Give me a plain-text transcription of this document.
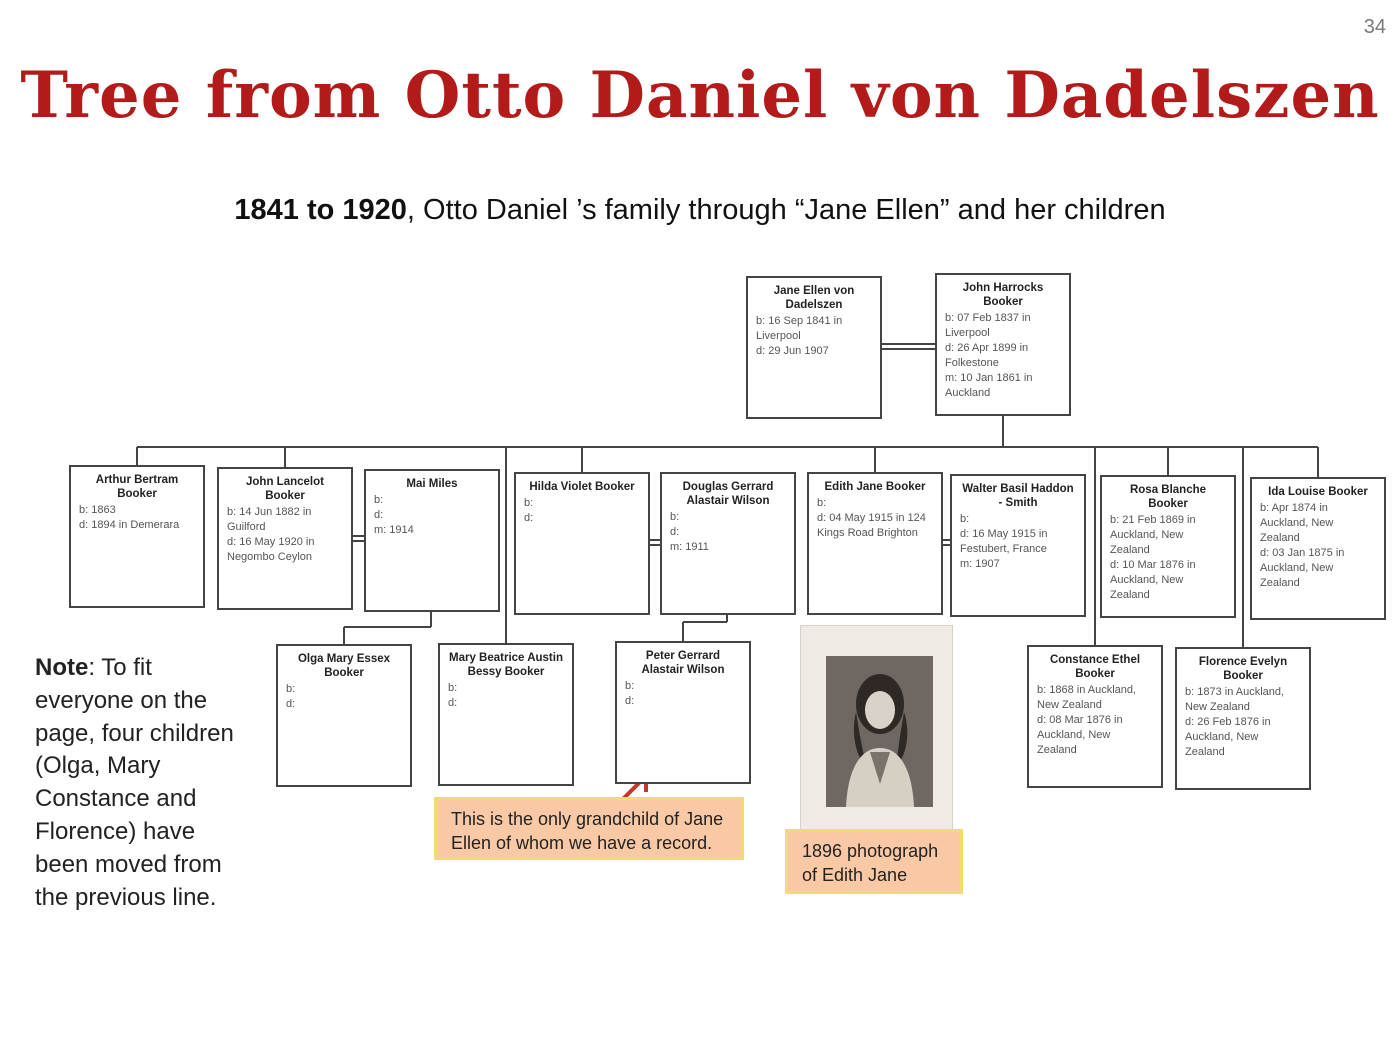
34
Tree from Otto Daniel von Dadelszen
1841 to 1920, Otto Daniel ’s family through “Jane Ellen” and her children
Jane Ellen von Dadelszen
b: 16 Sep 1841 in Liverpool
d: 29 Jun 1907
John Harrocks Booker
b: 07 Feb 1837 in Liverpool
d: 26 Apr 1899 in Folkestone
m: 10 Jan 1861 in Auckland
Arthur Bertram Booker
b: 1863
d: 1894 in Demerara
John Lancelot Booker
b: 14 Jun 1882 in Guilford
d: 16 May 1920 in Negombo Ceylon
Mai Miles
b:
d:
m: 1914
Hilda Violet Booker
b:
d:
Douglas Gerrard Alastair Wilson
b:
d:
m: 1911
Edith Jane Booker
b:
d: 04 May 1915 in 124 Kings Road Brighton
Walter Basil Haddon - Smith
b:
d: 16 May 1915 in Festubert, France
m: 1907
Rosa Blanche Booker
b: 21 Feb 1869 in Auckland, New Zealand
d: 10 Mar 1876 in Auckland, New Zealand
Ida Louise Booker
b: Apr 1874 in Auckland, New Zealand
d: 03 Jan 1875 in Auckland, New Zealand
Olga Mary Essex Booker
b:
d:
Mary Beatrice Austin Bessy Booker
b:
d:
Peter Gerrard Alastair Wilson
b:
d:
Constance Ethel Booker
b: 1868 in Auckland, New Zealand
d: 08 Mar 1876 in Auckland, New Zealand
Florence Evelyn Booker
b: 1873 in Auckland, New Zealand
d: 26 Feb 1876 in Auckland, New Zealand
Note: To fit everyone on the page, four children (Olga, Mary Constance and Florence) have been moved from the previous line.
This is the only grandchild of Jane Ellen of whom we have a record.	1896 photograph of Edith Jane
